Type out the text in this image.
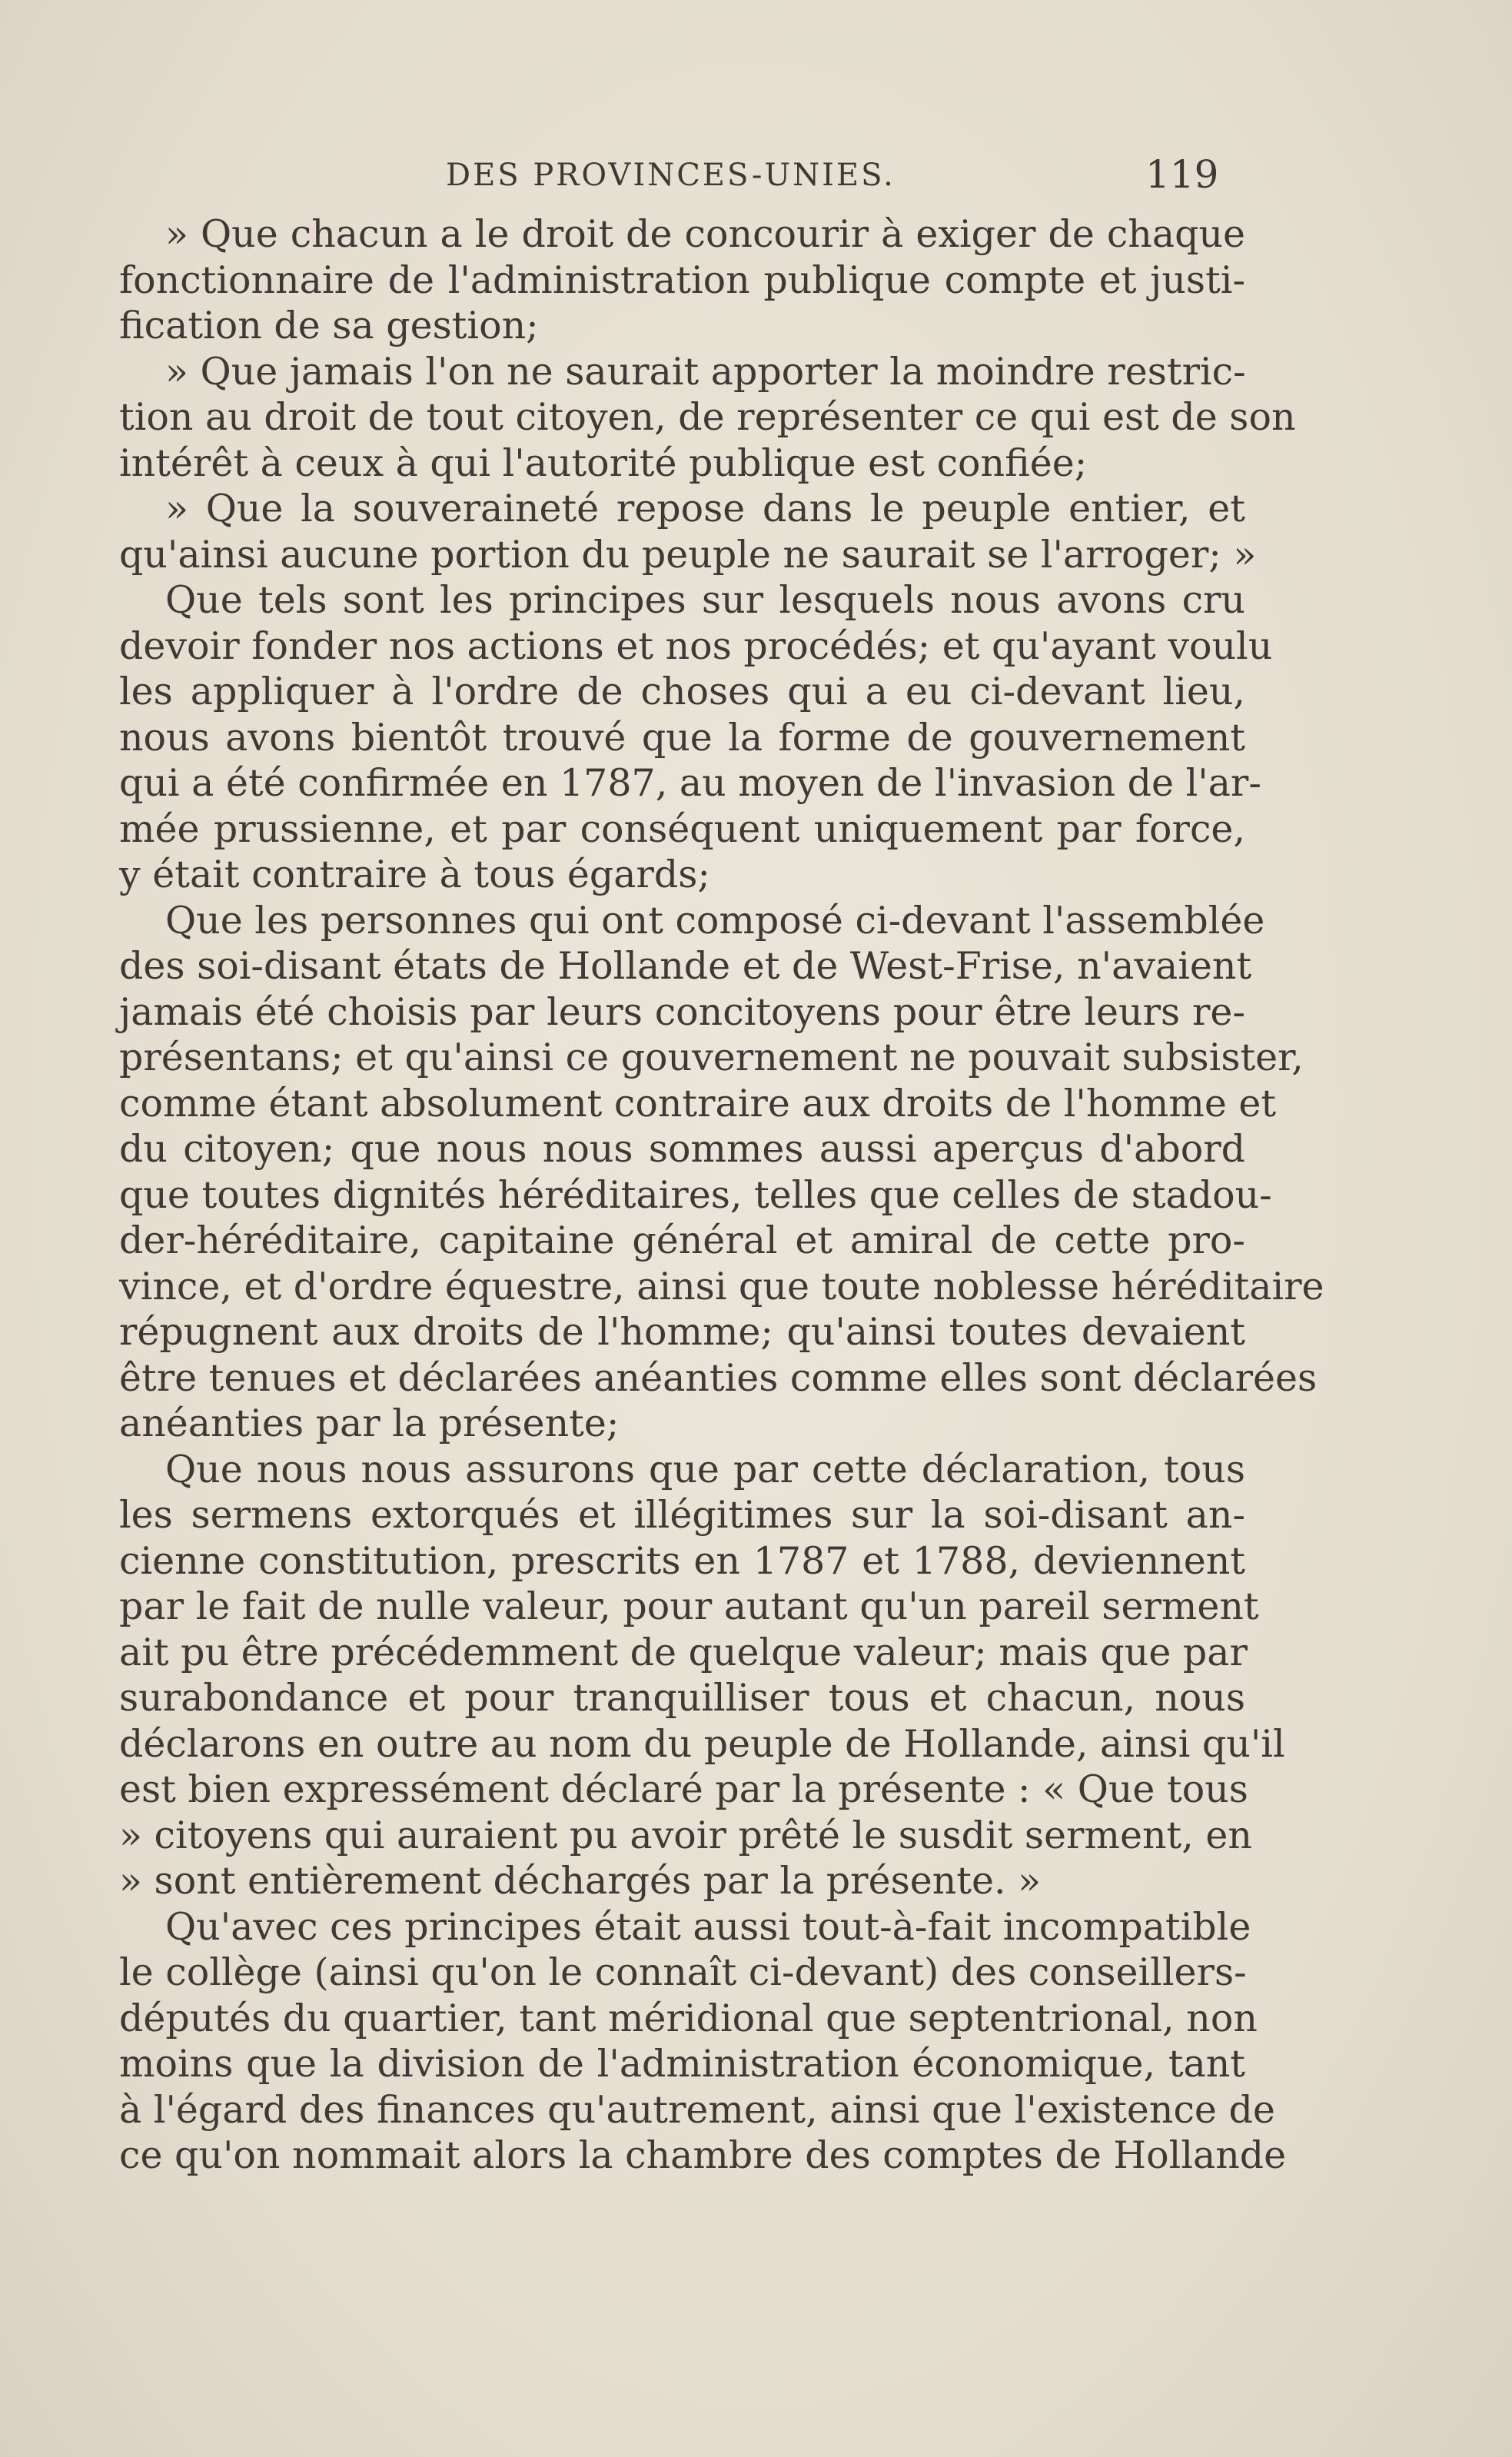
DES PROVINCES-UNIES.	119
» Que chacun a le droit de concourir à exiger de chaque
fonctionnaire de l'administration publique compte et justi-
fication de sa gestion;
» Que jamais l'on ne saurait apporter la moindre restric-
tion au droit de tout citoyen, de représenter ce qui est de son
intérêt à ceux à qui l'autorité publique est confiée;
» Que la souveraineté repose dans le peuple entier, et
qu'ainsi aucune portion du peuple ne saurait se l'arroger; »
Que tels sont les principes sur lesquels nous avons cru
devoir fonder nos actions et nos procédés; et qu'ayant voulu
les appliquer à l'ordre de choses qui a eu ci-devant lieu,
nous avons bientôt trouvé que la forme de gouvernement
qui a été confirmée en 1787, au moyen de l'invasion de l'ar-
mée prussienne, et par conséquent uniquement par force,
y était contraire à tous égards;
Que les personnes qui ont composé ci-devant l'assemblée
des soi-disant états de Hollande et de West-Frise, n'avaient
jamais été choisis par leurs concitoyens pour être leurs re-
présentans; et qu'ainsi ce gouvernement ne pouvait subsister,
comme étant absolument contraire aux droits de l'homme et
du citoyen; que nous nous sommes aussi aperçus d'abord
que toutes dignités héréditaires, telles que celles de stadou-
der-héréditaire, capitaine général et amiral de cette pro-
vince, et d'ordre équestre, ainsi que toute noblesse héréditaire
répugnent aux droits de l'homme; qu'ainsi toutes devaient
être tenues et déclarées anéanties comme elles sont déclarées
anéanties par la présente;
Que nous nous assurons que par cette déclaration, tous
les sermens extorqués et illégitimes sur la soi-disant an-
cienne constitution, prescrits en 1787 et 1788, deviennent
par le fait de nulle valeur, pour autant qu'un pareil serment
ait pu être précédemment de quelque valeur; mais que par
surabondance et pour tranquilliser tous et chacun, nous
déclarons en outre au nom du peuple de Hollande, ainsi qu'il
est bien expressément déclaré par la présente : « Que tous
» citoyens qui auraient pu avoir prêté le susdit serment, en
» sont entièrement déchargés par la présente. »
Qu'avec ces principes était aussi tout-à-fait incompatible
le collège (ainsi qu'on le connaît ci-devant) des conseillers-
députés du quartier, tant méridional que septentrional, non
moins que la division de l'administration économique, tant
à l'égard des finances qu'autrement, ainsi que l'existence de
ce qu'on nommait alors la chambre des comptes de Hollande
